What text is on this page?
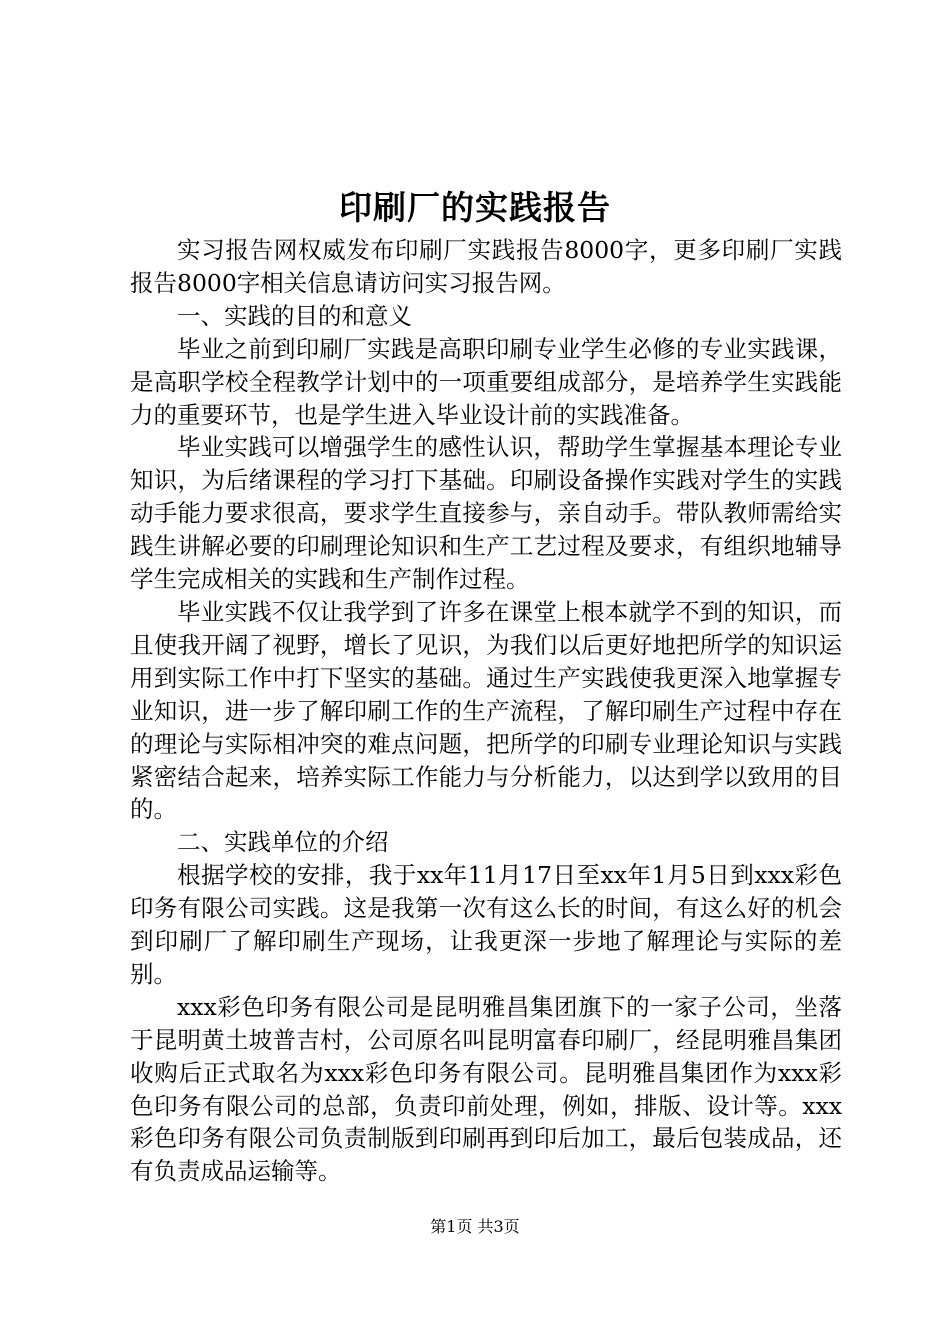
印刷厂的实践报告

实习报告网权威发布印刷厂实践报告8000字，更多印刷厂实践报告8000字相关信息请访问实习报告网。

一、实践的目的和意义

毕业之前到印刷厂实践是高职印刷专业学生必修的专业实践课，是高职学校全程教学计划中的一项重要组成部分，是培养学生实践能力的重要环节，也是学生进入毕业设计前的实践准备。

毕业实践可以增强学生的感性认识，帮助学生掌握基本理论专业知识，为后绪课程的学习打下基础。印刷设备操作实践对学生的实践动手能力要求很高，要求学生直接参与，亲自动手。带队教师需给实践生讲解必要的印刷理论知识和生产工艺过程及要求，有组织地辅导学生完成相关的实践和生产制作过程。

毕业实践不仅让我学到了许多在课堂上根本就学不到的知识，而且使我开阔了视野，增长了见识，为我们以后更好地把所学的知识运用到实际工作中打下坚实的基础。通过生产实践使我更深入地掌握专业知识，进一步了解印刷工作的生产流程，了解印刷生产过程中存在的理论与实际相冲突的难点问题，把所学的印刷专业理论知识与实践紧密结合起来，培养实际工作能力与分析能力，以达到学以致用的目的。

二、实践单位的介绍

根据学校的安排，我于xx年11月17日至xx年1月5日到xxx彩色印务有限公司实践。这是我第一次有这么长的时间，有这么好的机会到印刷厂了解印刷生产现场，让我更深一步地了解理论与实际的差别。

xxx彩色印务有限公司是昆明雅昌集团旗下的一家子公司，坐落于昆明黄土坡普吉村，公司原名叫昆明富春印刷厂，经昆明雅昌集团收购后正式取名为xxx彩色印务有限公司。昆明雅昌集团作为xxx彩色印务有限公司的总部，负责印前处理，例如，排版、设计等。xxx彩色印务有限公司负责制版到印刷再到印后加工，最后包装成品，还有负责成品运输等。

第1页 共3页
